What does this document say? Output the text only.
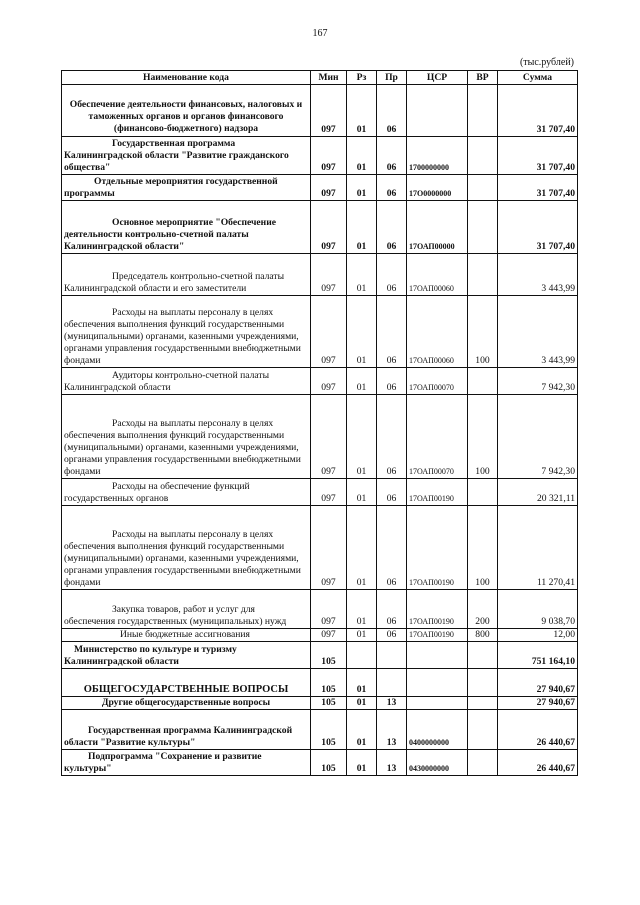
167
(тыс.рублей)
Наименование кода	Мин	Рз	Пр	ЦСР	ВР	Сумма

Обеспечение деятельности финансовых, налоговых и таможенных органов и органов финансового (финансово-бюджетного) надзора	097	01	06			31 707,40

Государственная программа Калининградской области "Развитие гражданского общества"	097	01	06	1700000000		31 707,40

Отдельные мероприятия государственной программы	097	01	06	17О0000000		31 707,40

Основное мероприятие "Обеспечение деятельности контрольно-счетной палаты Калининградской области"	097	01	06	17ОАП00000		31 707,40

Председатель контрольно-счетной палаты Калининградской области и его заместители	097	01	06	17ОАП00060		3 443,99

Расходы на выплаты персоналу в целях обеспечения выполнения функций государственными (муниципальными) органами, казенными учреждениями, органами управления государственными внебюджетными фондами	097	01	06	17ОАП00060	100	3 443,99

Аудиторы контрольно-счетной палаты Калининградской области	097	01	06	17ОАП00070		7 942,30

Расходы на выплаты персоналу в целях обеспечения выполнения функций государственными (муниципальными) органами, казенными учреждениями, органами управления государственными внебюджетными фондами	097	01	06	17ОАП00070	100	7 942,30

Расходы на обеспечение функций государственных органов	097	01	06	17ОАП00190		20 321,11

Расходы на выплаты персоналу в целях обеспечения выполнения функций государственными (муниципальными) органами, казенными учреждениями, органами управления государственными внебюджетными фондами	097	01	06	17ОАП00190	100	11 270,41

Закупка товаров, работ и услуг для обеспечения государственных (муниципальных) нужд	097	01	06	17ОАП00190	200	9 038,70

Иные бюджетные ассигнования	097	01	06	17ОАП00190	800	12,00

Министерство по культуре и туризму Калининградской области	105					751 164,10

ОБЩЕГОСУДАРСТВЕННЫЕ ВОПРОСЫ	105	01				27 940,67

Другие общегосударственные вопросы	105	01	13			27 940,67

Государственная программа Калининградской области "Развитие культуры"	105	01	13	0400000000		26 440,67

Подпрограмма "Сохранение и развитие культуры"	105	01	13	0430000000		26 440,67
